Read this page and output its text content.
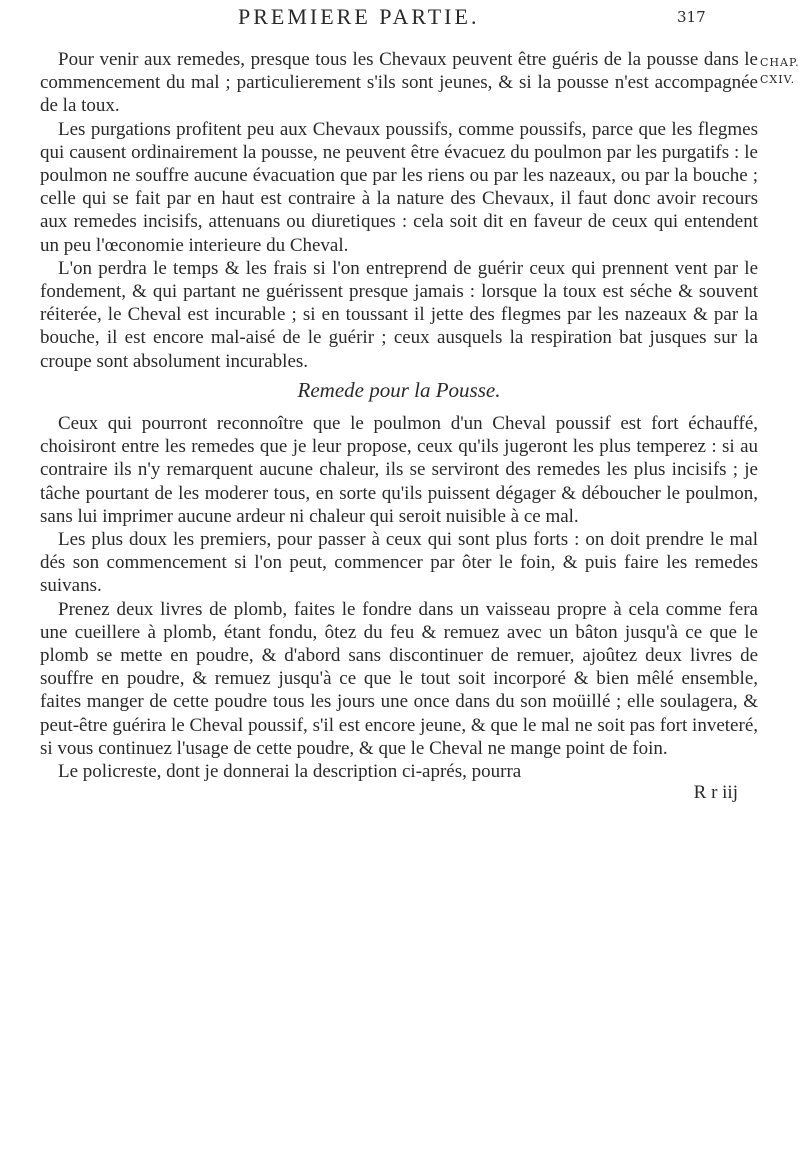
PREMIERE PARTIE.	317
CHAP.
CXIV.

Pour venir aux remedes, presque tous les Chevaux peuvent être guéris de la pousse dans le commencement du mal ; particulierement s'ils sont jeunes, & si la pousse n'est accompagnée de la toux.

Les purgations profitent peu aux Chevaux poussifs, comme poussifs, parce que les flegmes qui causent ordinairement la pousse, ne peuvent être évacuez du poulmon par les purgatifs : le poulmon ne souffre aucune évacuation que par les riens ou par les nazeaux, ou par la bouche ; celle qui se fait par en haut est contraire à la nature des Chevaux, il faut donc avoir recours aux remedes incisifs, attenuans ou diuretiques : cela soit dit en faveur de ceux qui entendent un peu l'œconomie interieure du Cheval.

L'on perdra le temps & les frais si l'on entreprend de guérir ceux qui prennent vent par le fondement, & qui partant ne guérissent presque jamais : lorsque la toux est séche & souvent réiterée, le Cheval est incurable ; si en toussant il jette des flegmes par les nazeaux & par la bouche, il est encore mal-aisé de le guérir ; ceux ausquels la respiration bat jusques sur la croupe sont absolument incurables.

Remede pour la Pousse.

Ceux qui pourront reconnoître que le poulmon d'un Cheval poussif est fort échauffé, choisiront entre les remedes que je leur propose, ceux qu'ils jugeront les plus temperez : si au contraire ils n'y remarquent aucune chaleur, ils se serviront des remedes les plus incisifs ; je tâche pourtant de les moderer tous, en sorte qu'ils puissent dégager & déboucher le poulmon, sans lui imprimer aucune ardeur ni chaleur qui seroit nuisible à ce mal.

Les plus doux les premiers, pour passer à ceux qui sont plus forts : on doit prendre le mal dés son commencement si l'on peut, commencer par ôter le foin, & puis faire les remedes suivans.

Prenez deux livres de plomb, faites le fondre dans un vaisseau propre à cela comme fera une cueillere à plomb, étant fondu, ôtez du feu & remuez avec un bâton jusqu'à ce que le plomb se mette en poudre, & d'abord sans discontinuer de remuer, ajoûtez deux livres de souffre en poudre, & remuez jusqu'à ce que le tout soit incorporé & bien mêlé ensemble, faites manger de cette poudre tous les jours une once dans du son moüillé ; elle soulagera, & peut-être guérira le Cheval poussif, s'il est encore jeune, & que le mal ne soit pas fort inveteré, si vous continuez l'usage de cette poudre, & que le Cheval ne mange point de foin.

Le policreste, dont je donnerai la description ci-aprés, pourra

R r iij
